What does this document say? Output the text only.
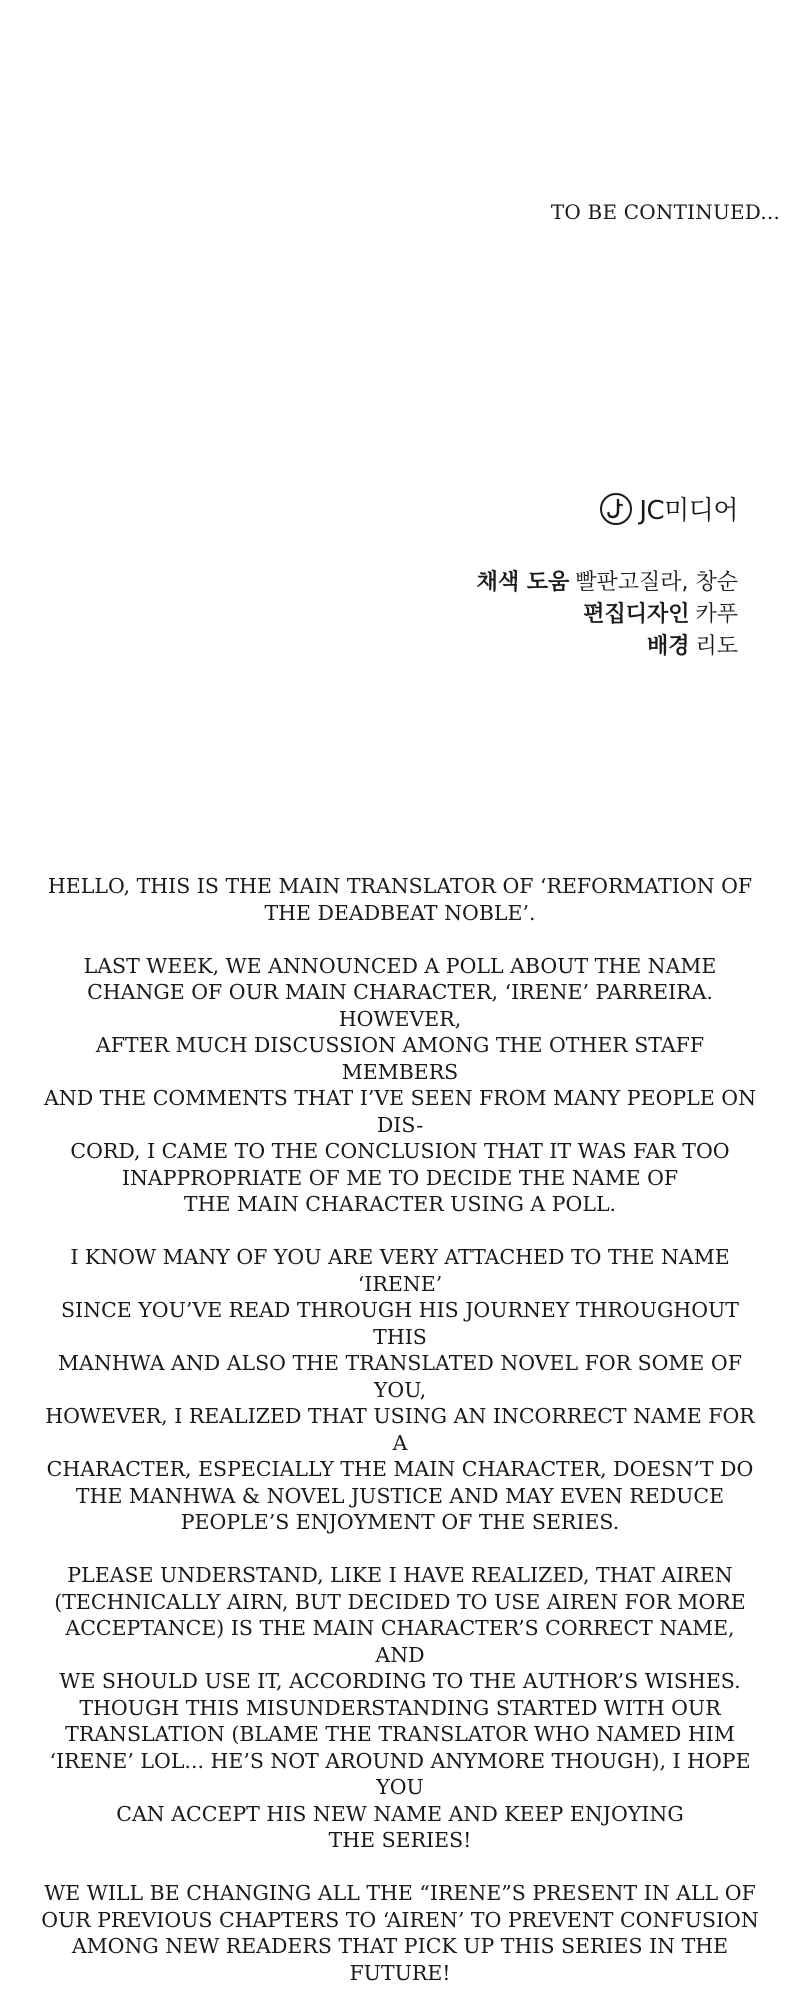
TO BE CONTINUED...
JC미디어
채색 도움 빨판고질라, 창순
편집디자인 카푸
배경 리도

HELLO, THIS IS THE MAIN TRANSLATOR OF ‘REFORMATION OF
THE DEADBEAT NOBLE’.

LAST WEEK, WE ANNOUNCED A POLL ABOUT THE NAME
CHANGE OF OUR MAIN CHARACTER, ‘IRENE’ PARREIRA. HOWEVER,
AFTER MUCH DISCUSSION AMONG THE OTHER STAFF MEMBERS
AND THE COMMENTS THAT I’VE SEEN FROM MANY PEOPLE ON DIS-
CORD, I CAME TO THE CONCLUSION THAT IT WAS FAR TOO
INAPPROPRIATE OF ME TO DECIDE THE NAME OF
THE MAIN CHARACTER USING A POLL.

I KNOW MANY OF YOU ARE VERY ATTACHED TO THE NAME ‘IRENE’
SINCE YOU’VE READ THROUGH HIS JOURNEY THROUGHOUT THIS
MANHWA AND ALSO THE TRANSLATED NOVEL FOR SOME OF YOU,
HOWEVER, I REALIZED THAT USING AN INCORRECT NAME FOR A
CHARACTER, ESPECIALLY THE MAIN CHARACTER, DOESN’T DO
THE MANHWA & NOVEL JUSTICE AND MAY EVEN REDUCE
PEOPLE’S ENJOYMENT OF THE SERIES.

PLEASE UNDERSTAND, LIKE I HAVE REALIZED, THAT AIREN
(TECHNICALLY AIRN, BUT DECIDED TO USE AIREN FOR MORE
ACCEPTANCE) IS THE MAIN CHARACTER’S CORRECT NAME, AND
WE SHOULD USE IT, ACCORDING TO THE AUTHOR’S WISHES.
THOUGH THIS MISUNDERSTANDING STARTED WITH OUR
TRANSLATION (BLAME THE TRANSLATOR WHO NAMED HIM
‘IRENE’ LOL... HE’S NOT AROUND ANYMORE THOUGH), I HOPE YOU
CAN ACCEPT HIS NEW NAME AND KEEP ENJOYING
THE SERIES!

WE WILL BE CHANGING ALL THE “IRENE”S PRESENT IN ALL OF
OUR PREVIOUS CHAPTERS TO ‘AIREN’ TO PREVENT CONFUSION
AMONG NEW READERS THAT PICK UP THIS SERIES IN THE
FUTURE!
